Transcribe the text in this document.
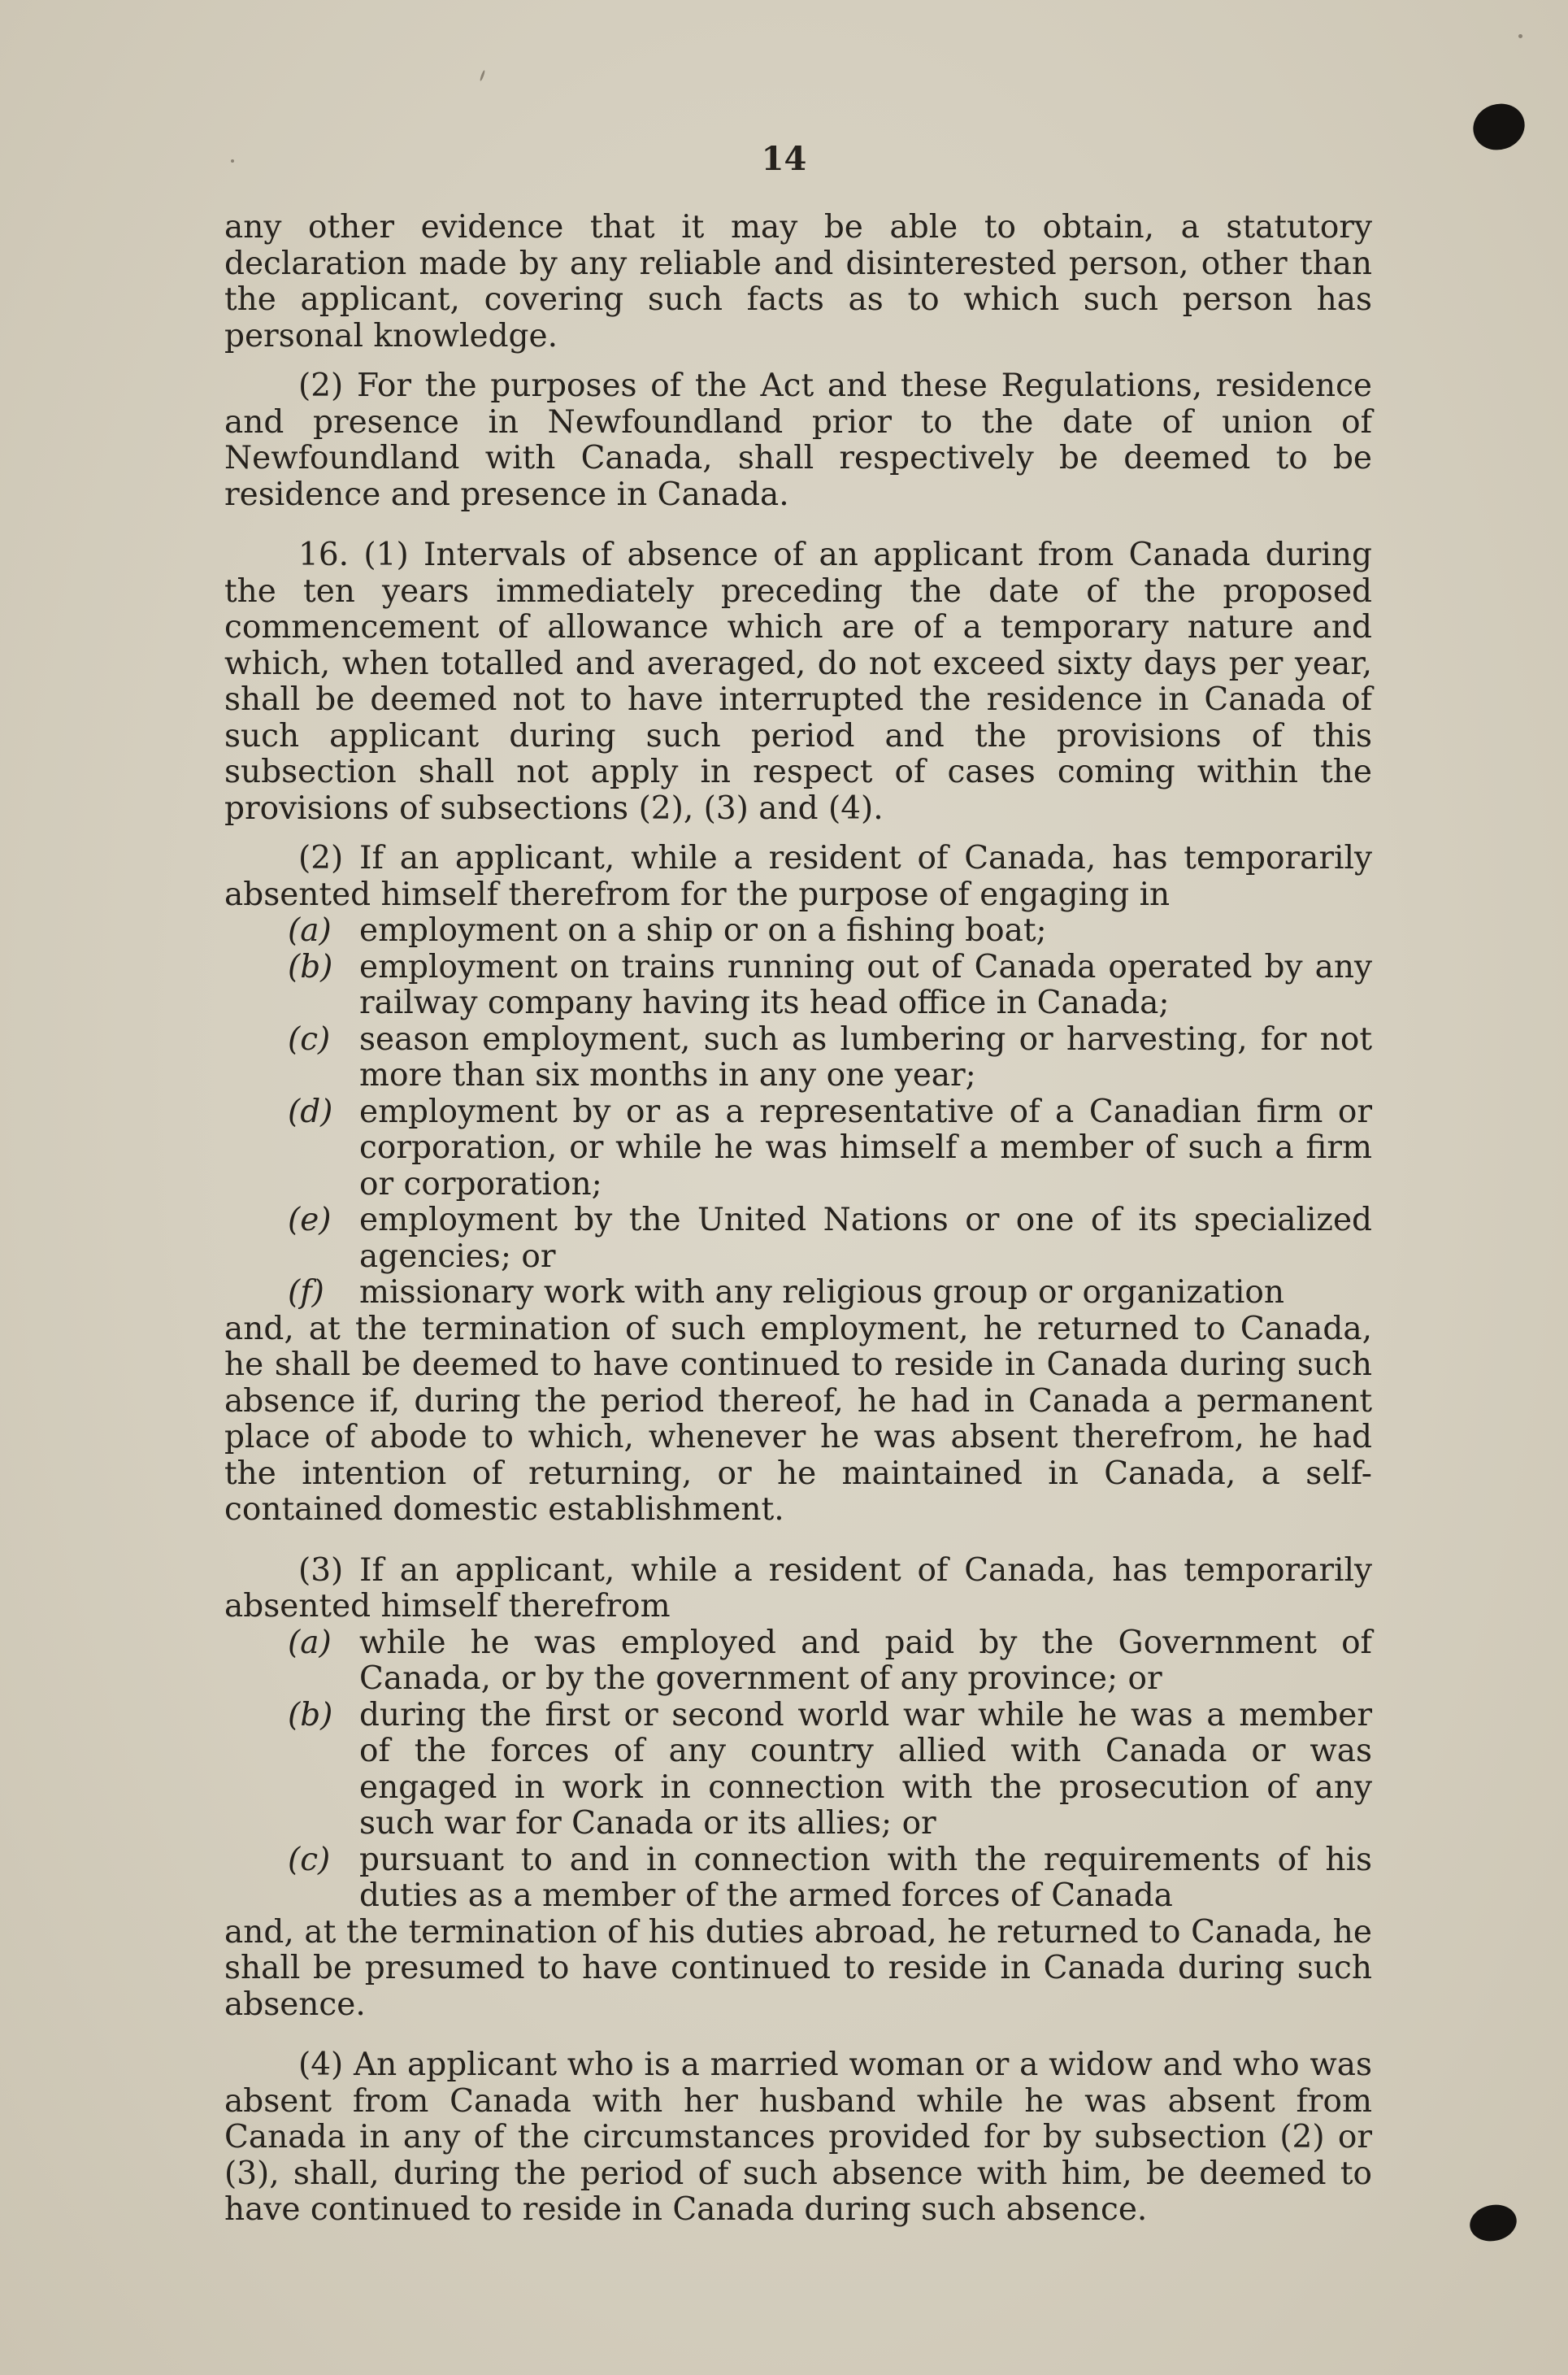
14

any other evidence that it may be able to obtain, a statutory declaration made by any reliable and disinterested person, other than the applicant, covering such facts as to which such person has personal knowledge.

(2) For the purposes of the Act and these Regulations, residence and presence in Newfoundland prior to the date of union of Newfoundland with Canada, shall respectively be deemed to be residence and presence in Canada.

16. (1) Intervals of absence of an applicant from Canada during the ten years immediately preceding the date of the proposed commencement of allowance which are of a temporary nature and which, when totalled and averaged, do not exceed sixty days per year, shall be deemed not to have interrupted the residence in Canada of such applicant during such period and the provisions of this subsection shall not apply in respect of cases coming within the provisions of subsections (2), (3) and (4).

(2) If an applicant, while a resident of Canada, has temporarily absented himself therefrom for the purpose of engaging in

(a) employment on a ship or on a fishing boat;
(b) employment on trains running out of Canada operated by any railway company having its head office in Canada;
(c) season employment, such as lumbering or harvesting, for not more than six months in any one year;
(d) employment by or as a representative of a Canadian firm or corporation, or while he was himself a member of such a firm or corporation;
(e) employment by the United Nations or one of its specialized agencies; or
(f)	missionary work with any religious group or organization

and, at the termination of such employment, he returned to Canada, he shall be deemed to have continued to reside in Canada during such absence if, during the period thereof, he had in Canada a permanent place of abode to which, whenever he was absent therefrom, he had the intention of returning, or he maintained in Canada, a self-contained domestic establishment.

(3) If an applicant, while a resident of Canada, has temporarily absented himself therefrom

(a) while he was employed and paid by the Government of Canada, or by the government of any province; or
(b) during the first or second world war while he was a member of the forces of any country allied with Canada or was engaged in work in connection with the prosecution of any such war for Canada or its allies; or
(c) pursuant to and in connection with the requirements of his duties as a member of the armed forces of Canada

and, at the termination of his duties abroad, he returned to Canada, he shall be presumed to have continued to reside in Canada during such absence.

(4) An applicant who is a married woman or a widow and who was absent from Canada with her husband while he was absent from Canada in any of the circumstances provided for by subsection (2) or (3), shall, during the period of such absence with him, be deemed to have continued to reside in Canada during such absence.
